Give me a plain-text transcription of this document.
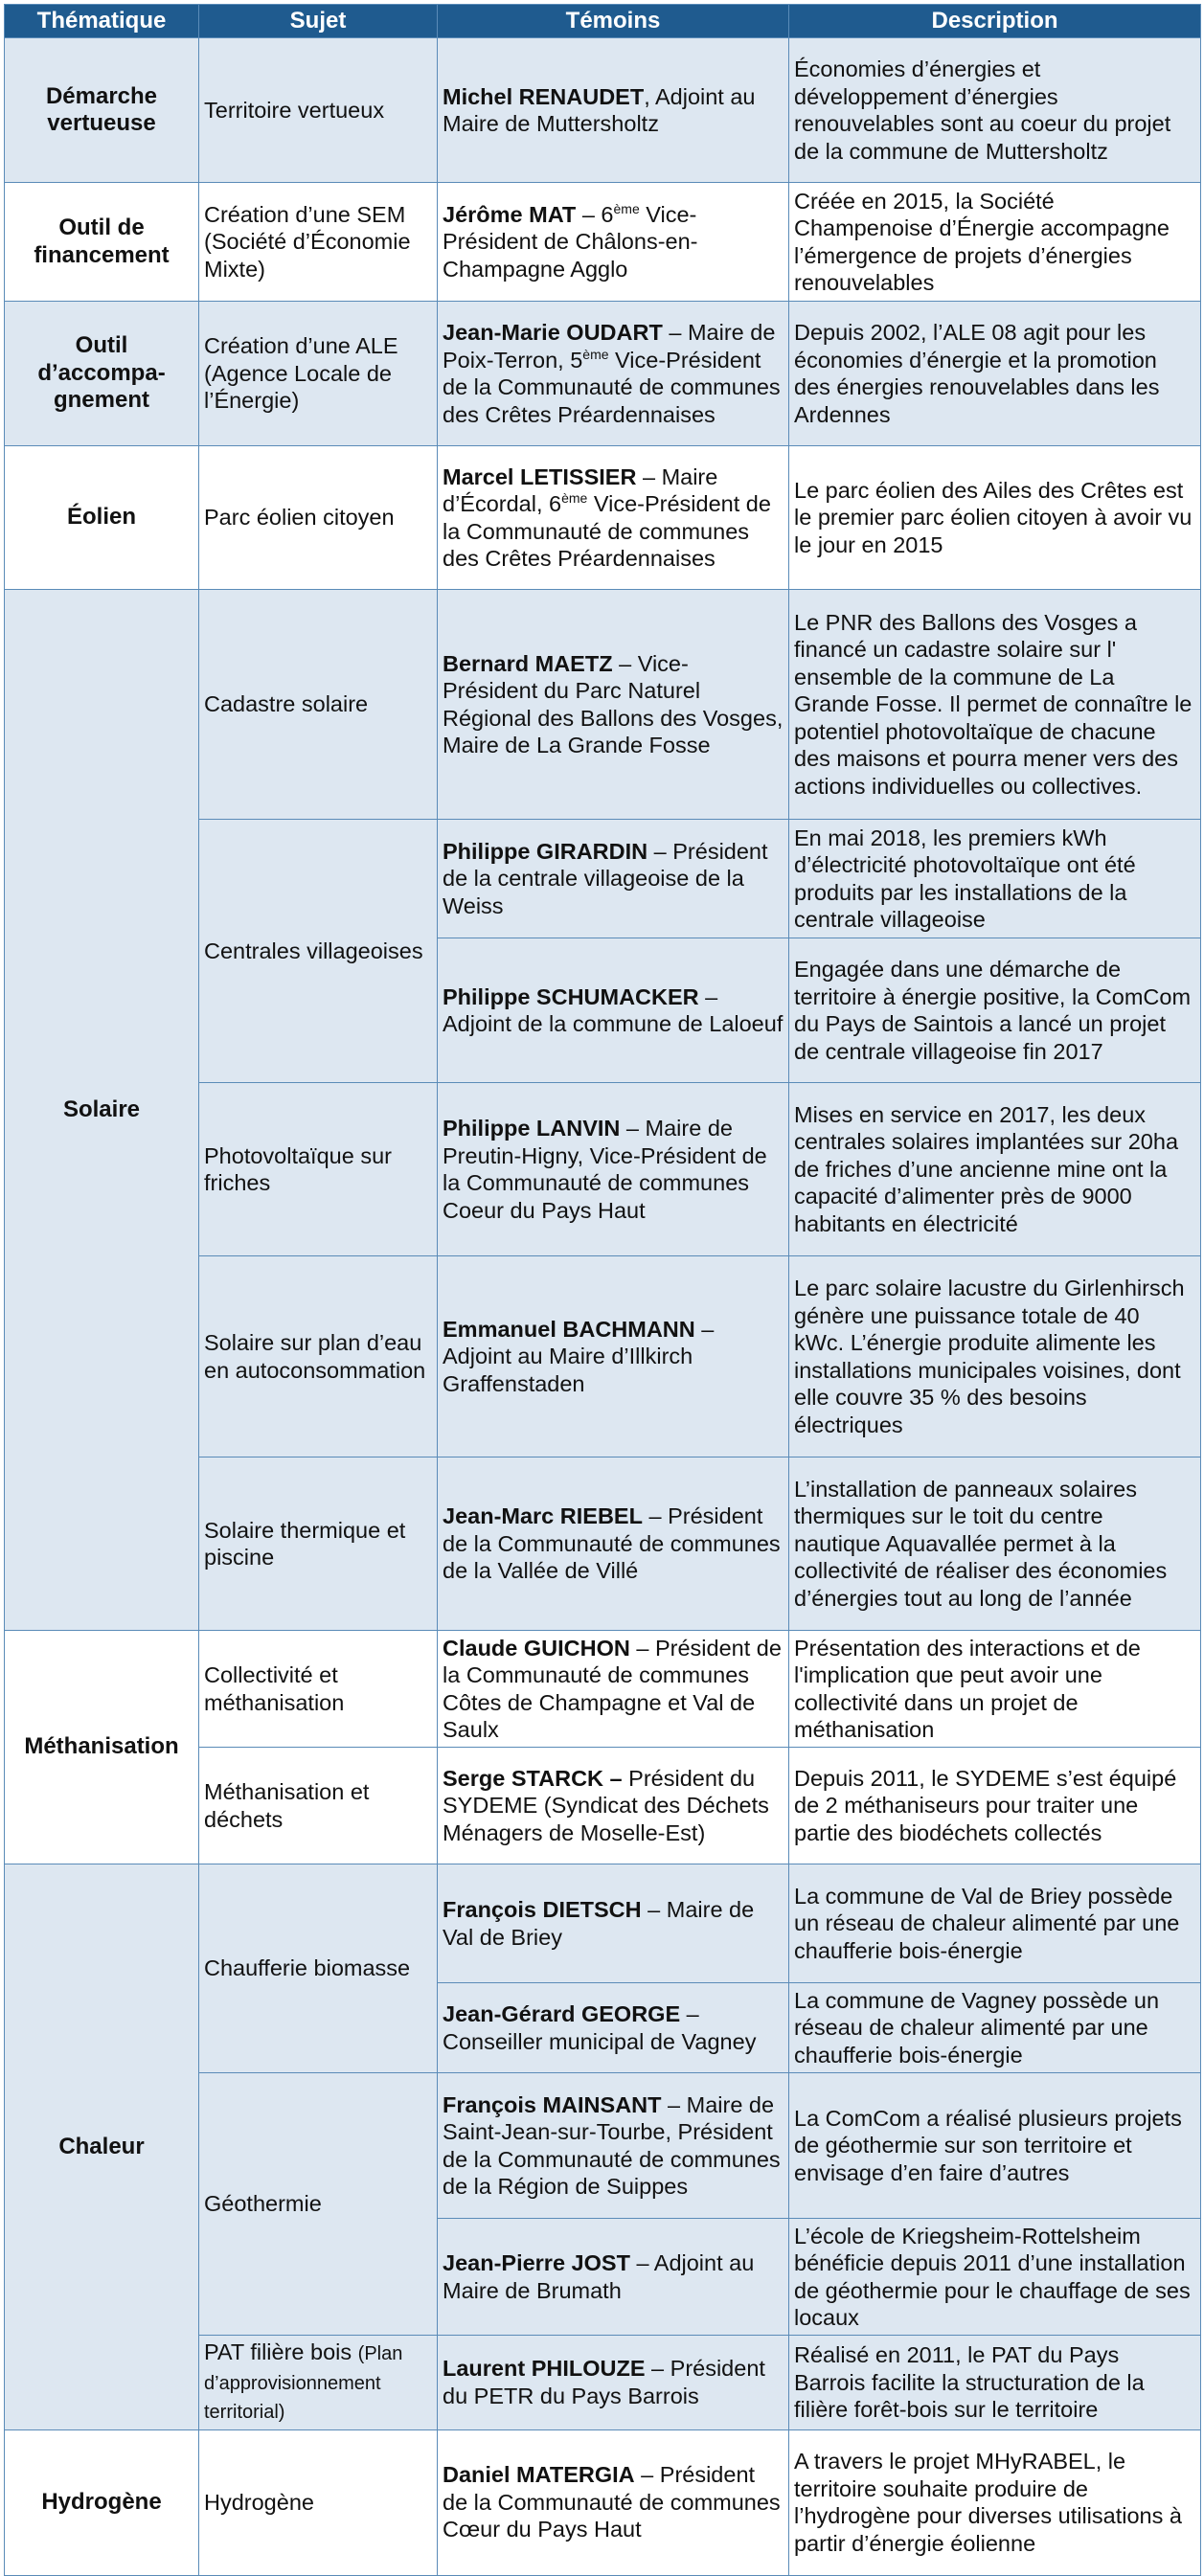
Thématique	Sujet	Témoins	Description
Démarche vertueuse	Territoire vertueux	Michel RENAUDET, Adjoint au Maire de Muttersholtz	Économies d’énergies et développement d’énergies renouvelables sont au coeur du projet de la commune de Muttersholtz
Outil de financement	Création d’une SEM (Société d’Économie Mixte)	Jérôme MAT – 6ème Vice-Président de Châlons-en-Champagne Agglo	Créée en 2015, la Société Champenoise d’Énergie accompagne l’émergence de projets d’énergies renouvelables
Outil d’accompa-gnement	Création d’une ALE (Agence Locale de l’Énergie)	Jean-Marie OUDART – Maire de Poix-Terron, 5ème Vice-Président de la Communauté de communes des Crêtes Préardennaises	Depuis 2002, l’ALE 08 agit pour les économies d’énergie et la promotion des énergies renouvelables dans les Ardennes
Éolien	Parc éolien citoyen	Marcel LETISSIER – Maire d’Écordal, 6ème Vice-Président de la Communauté de communes des Crêtes Préardennaises	Le parc éolien des Ailes des Crêtes est le premier parc éolien citoyen à avoir vu le jour en 2015
Solaire	Cadastre solaire	Bernard MAETZ – Vice-Président du Parc Naturel Régional des Ballons des Vosges, Maire de La Grande Fosse	Le PNR des Ballons des Vosges a financé un cadastre solaire sur l' ensemble de la commune de La Grande Fosse. Il permet de connaître le potentiel photovoltaïque de chacune des maisons et pourra mener vers des actions individuelles ou collectives.
	Centrales villageoises	Philippe GIRARDIN – Président de la centrale villageoise de la Weiss	En mai 2018, les premiers kWh d’électricité photovoltaïque ont été produits par les installations de la centrale villageoise
		Philippe SCHUMACKER – Adjoint de la commune de Laloeuf	Engagée dans une démarche de territoire à énergie positive, la ComCom du Pays de Saintois a lancé un projet de centrale villageoise fin 2017
	Photovoltaïque sur friches	Philippe LANVIN – Maire de Preutin-Higny, Vice-Président de la Communauté de communes Coeur du Pays Haut	Mises en service en 2017, les deux centrales solaires implantées sur 20ha de friches d’une ancienne mine ont la capacité d’alimenter près de 9000 habitants en électricité
	Solaire sur plan d’eau en autoconsommation	Emmanuel BACHMANN – Adjoint au Maire d’Illkirch Graffenstaden	Le parc solaire lacustre du Girlenhirsch génère une puissance totale de 40 kWc. L’énergie produite alimente les installations municipales voisines, dont elle couvre 35 % des besoins électriques
	Solaire thermique et piscine	Jean-Marc RIEBEL – Président de la Communauté de communes de la Vallée de Villé	L’installation de panneaux solaires thermiques sur le toit du centre nautique Aquavallée permet à la collectivité de réaliser des économies d’énergies tout au long de l’année
Méthanisation	Collectivité et méthanisation	Claude GUICHON – Président de la Communauté de communes Côtes de Champagne et Val de Saulx	Présentation des interactions et de l'implication que peut avoir une collectivité dans un projet de méthanisation
	Méthanisation et déchets	Serge STARCK – Président du SYDEME (Syndicat des Déchets Ménagers de Moselle-Est)	Depuis 2011, le SYDEME s’est équipé de 2 méthaniseurs pour traiter une partie des biodéchets collectés
Chaleur	Chaufferie biomasse	François DIETSCH – Maire de Val de Briey	La commune de Val de Briey possède un réseau de chaleur alimenté par une chaufferie bois-énergie
		Jean-Gérard GEORGE – Conseiller municipal de Vagney	La commune de Vagney possède un réseau de chaleur alimenté par une chaufferie bois-énergie
	Géothermie	François MAINSANT – Maire de Saint-Jean-sur-Tourbe, Président de la Communauté de communes de la Région de Suippes	La ComCom a réalisé plusieurs projets de géothermie sur son territoire et envisage d’en faire d’autres
		Jean-Pierre JOST – Adjoint au Maire de Brumath	L’école de Kriegsheim-Rottelsheim bénéficie depuis 2011 d’une installation de géothermie pour le chauffage de ses locaux
	PAT filière bois (Plan d’approvisionnement territorial)	Laurent PHILOUZE – Président du PETR du Pays Barrois	Réalisé en 2011, le PAT du Pays Barrois facilite la structuration de la filière forêt-bois sur le territoire
Hydrogène	Hydrogène	Daniel MATERGIA – Président de la Communauté de communes Cœur du Pays Haut	A travers le projet MHyRABEL, le territoire souhaite produire de l’hydrogène pour diverses utilisations à partir d’énergie éolienne
